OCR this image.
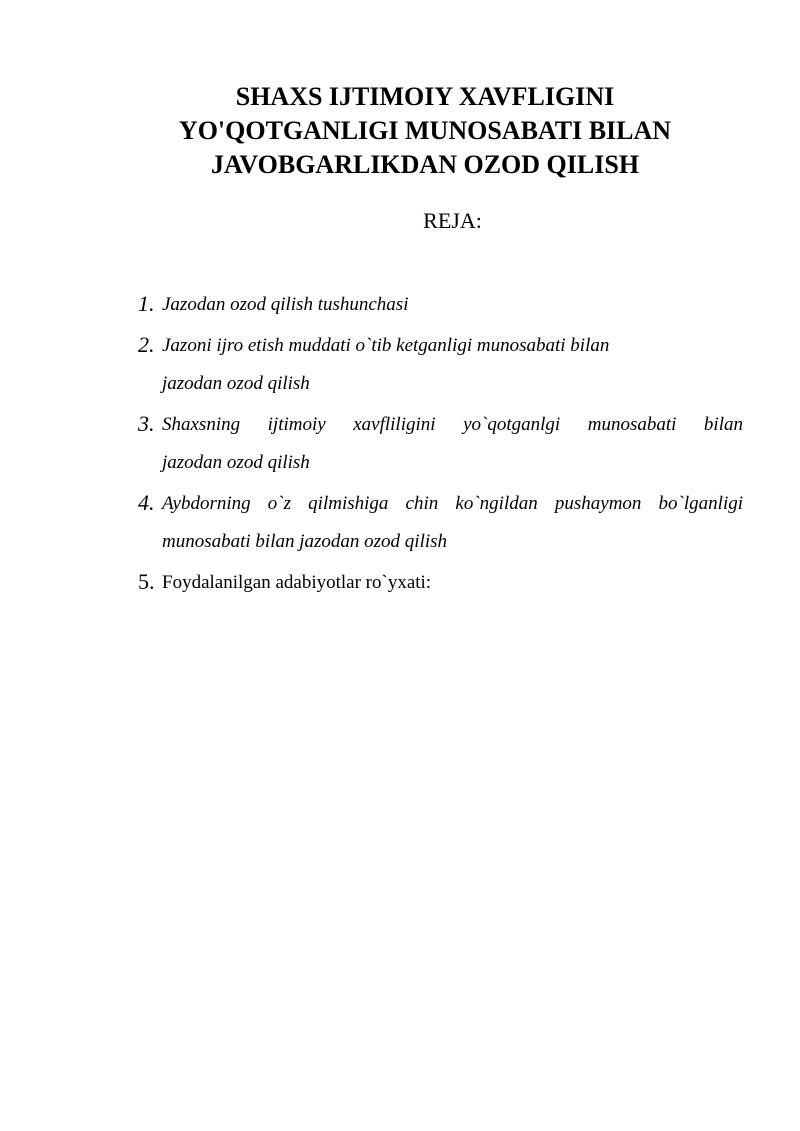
SHAXS IJTIMOIY XAVFLIGINI
YO'QOTGANLIGI MUNOSABATI BILAN
JAVOBGARLIKDAN OZOD QILISH
REJA:
1. Jazodan ozod qilish tushunchasi
2. Jazoni ijro etish muddati o`tib ketganligi munosabati bilan
jazodan ozod qilish
3. Shaxsning ijtimoiy xavfliligini yo`qotganlgi munosabati bilan
jazodan ozod qilish
4. Aybdorning o`z qilmishiga chin ko`ngildan pushaymon bo`lganligi
munosabati bilan jazodan ozod qilish
5. Foydalanilgan adabiyotlar ro`yxati:
